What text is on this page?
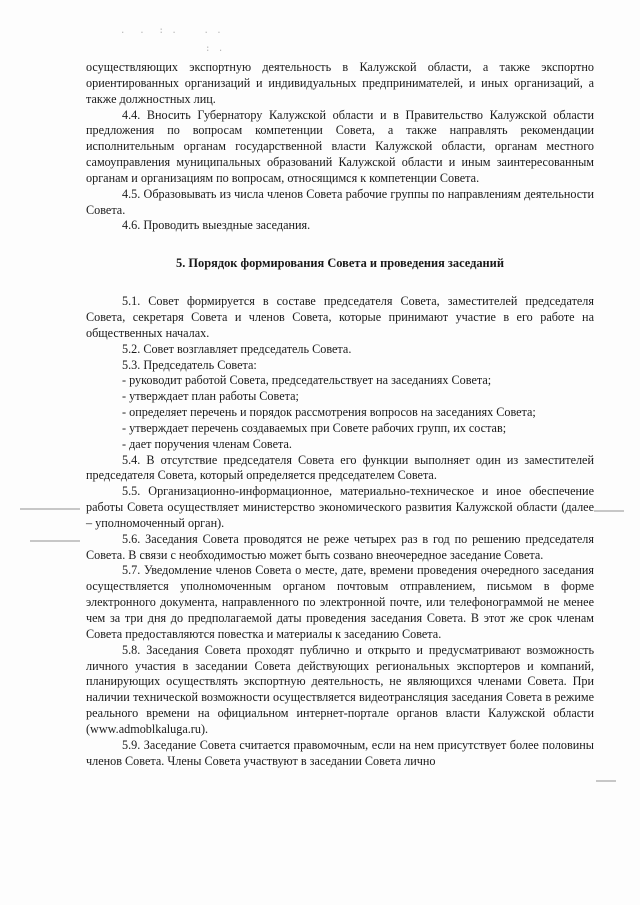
.  .  : .    . .
: .

осуществляющих экспортную деятельность в Калужской области, а также экспортно ориентированных организаций и индивидуальных предпринимателей, и иных организаций, а также должностных лиц.

4.4. Вносить Губернатору Калужской области и в Правительство Калужской области предложения по вопросам компетенции Совета, а также направлять рекомендации исполнительным органам государственной власти Калужской области, органам местного самоуправления муниципальных образований Калужской области и иным заинтересованным органам и организациям по вопросам, относящимся к компетенции Совета.

4.5. Образовывать из числа членов Совета рабочие группы по направлениям деятельности Совета.

4.6. Проводить выездные заседания.

5. Порядок формирования Совета и проведения заседаний

5.1. Совет формируется в составе председателя Совета, заместителей председателя Совета, секретаря Совета и членов Совета, которые принимают участие в его работе на общественных началах.

5.2. Совет возглавляет председатель Совета.

5.3. Председатель Совета:

- руководит работой Совета, председательствует на заседаниях Совета;

- утверждает план работы Совета;

- определяет перечень и порядок рассмотрения вопросов на заседаниях Совета;

- утверждает перечень создаваемых при Совете рабочих групп, их состав;

- дает поручения членам Совета.

5.4. В отсутствие председателя Совета его функции выполняет один из заместителей председателя Совета, который определяется председателем Совета.

5.5. Организационно-информационное, материально-техническое и иное обеспечение работы Совета осуществляет министерство экономического развития Калужской области (далее – уполномоченный орган).

5.6. Заседания Совета проводятся не реже четырех раз в год по решению председателя Совета. В связи с необходимостью может быть созвано внеочередное заседание Совета.

5.7. Уведомление членов Совета о месте, дате, времени проведения очередного заседания осуществляется уполномоченным органом почтовым отправлением, письмом в форме электронного документа, направленного по электронной почте, или телефонограммой не менее чем за три дня до предполагаемой даты проведения заседания Совета. В этот же срок членам Совета предоставляются повестка и материалы к заседанию Совета.

5.8. Заседания Совета проходят публично и открыто и предусматривают возможность личного участия в заседании Совета действующих региональных экспортеров и компаний, планирующих осуществлять экспортную деятельность, не являющихся членами Совета. При наличии технической возможности осуществляется видеотрансляция заседания Совета в режиме реального времени на официальном интернет-портале органов власти Калужской области (www.admoblkaluga.ru).

5.9. Заседание Совета считается правомочным, если на нем присутствует более половины членов Совета. Члены Совета участвуют в заседании Совета лично
